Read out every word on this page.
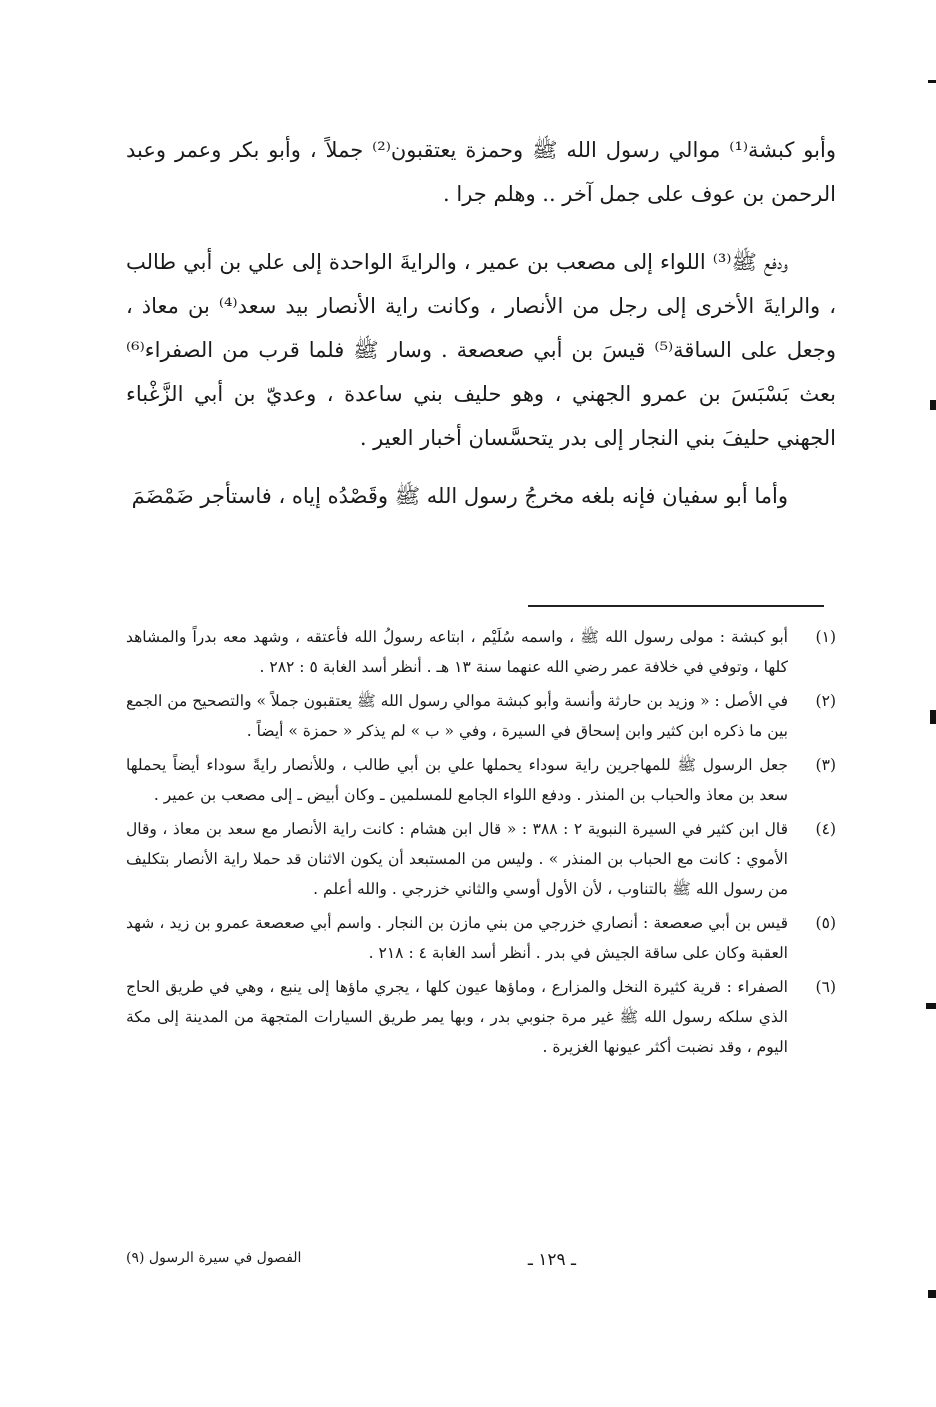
وأبو كبشة⁽¹⁾ موالي رسول الله ﷺ وحمزة يعتقبون⁽²⁾ جملاً ، وأبو بكر وعمر وعبد الرحمن بن عوف على جمل آخر .. وهلم جرا .

ودفع ﷺ⁽³⁾ اللواء إلى مصعب بن عمير ، والرايةَ الواحدة إلى علي بن أبي طالب ، والرايةَ الأخرى إلى رجل من الأنصار ، وكانت راية الأنصار بيد سعد⁽⁴⁾ بن معاذ ، وجعل على الساقة⁽⁵⁾ قيسَ بن أبي صعصعة . وسار ﷺ فلما قرب من الصفراء⁽⁶⁾ بعث بَسْبَسَ بن عمرو الجهني ، وهو حليف بني ساعدة ، وعديّ بن أبي الزَّغْباء الجهني حليفَ بني النجار إلى بدر يتحسَّسان أخبار العير .

وأما أبو سفيان فإنه بلغه مخرجُ رسول الله ﷺ وقَصْدُه إياه ، فاستأجر ضَمْضَمَ

(١)
أبو كبشة : مولى رسول الله ﷺ ، واسمه سُلَيْم ، ابتاعه رسولُ الله فأعتقه ، وشهد معه بدراً والمشاهد كلها ، وتوفي في خلافة عمر رضي الله عنهما سنة ١٣ هـ . أنظر أسد الغابة ٥ : ٢٨٢ .
(٢)
في الأصل : « وزيد بن حارثة وأنسة وأبو كبشة موالي رسول الله ﷺ يعتقبون جملاً » والتصحيح من الجمع بين ما ذكره ابن كثير وابن إسحاق في السيرة ، وفي « ب » لم يذكر « حمزة » أيضاً .
(٣)
جعل الرسول ﷺ للمهاجرين راية سوداء يحملها علي بن أبي طالب ، وللأنصار رايةً سوداء أيضاً يحملها سعد بن معاذ والحباب بن المنذر . ودفع اللواء الجامع للمسلمين ـ وكان أبيض ـ إلى مصعب بن عمير .
(٤)
قال ابن كثير في السيرة النبوية ٢ : ٣٨٨ : « قال ابن هشام : كانت راية الأنصار مع سعد بن معاذ ، وقال الأموي : كانت مع الحباب بن المنذر » . وليس من المستبعد أن يكون الاثنان قد حملا راية الأنصار بتكليف من رسول الله ﷺ بالتناوب ، لأن الأول أوسي والثاني خزرجي . والله أعلم .
(٥)
قيس بن أبي صعصعة : أنصاري خزرجي من بني مازن بن النجار . واسم أبي صعصعة عمرو بن زيد ، شهد العقبة وكان على ساقة الجيش في بدر . أنظر أسد الغابة ٤ : ٢١٨ .
(٦)
الصفراء : قرية كثيرة النخل والمزارع ، وماؤها عيون كلها ، يجري ماؤها إلى ينبع ، وهي في طريق الحاج الذي سلكه رسول الله ﷺ غير مرة جنوبي بدر ، وبها يمر طريق السيارات المتجهة من المدينة إلى مكة اليوم ، وقد نضبت أكثر عيونها الغزيرة .
ـ ١٢٩ ـ
الفصول في سيرة الرسول (٩)
